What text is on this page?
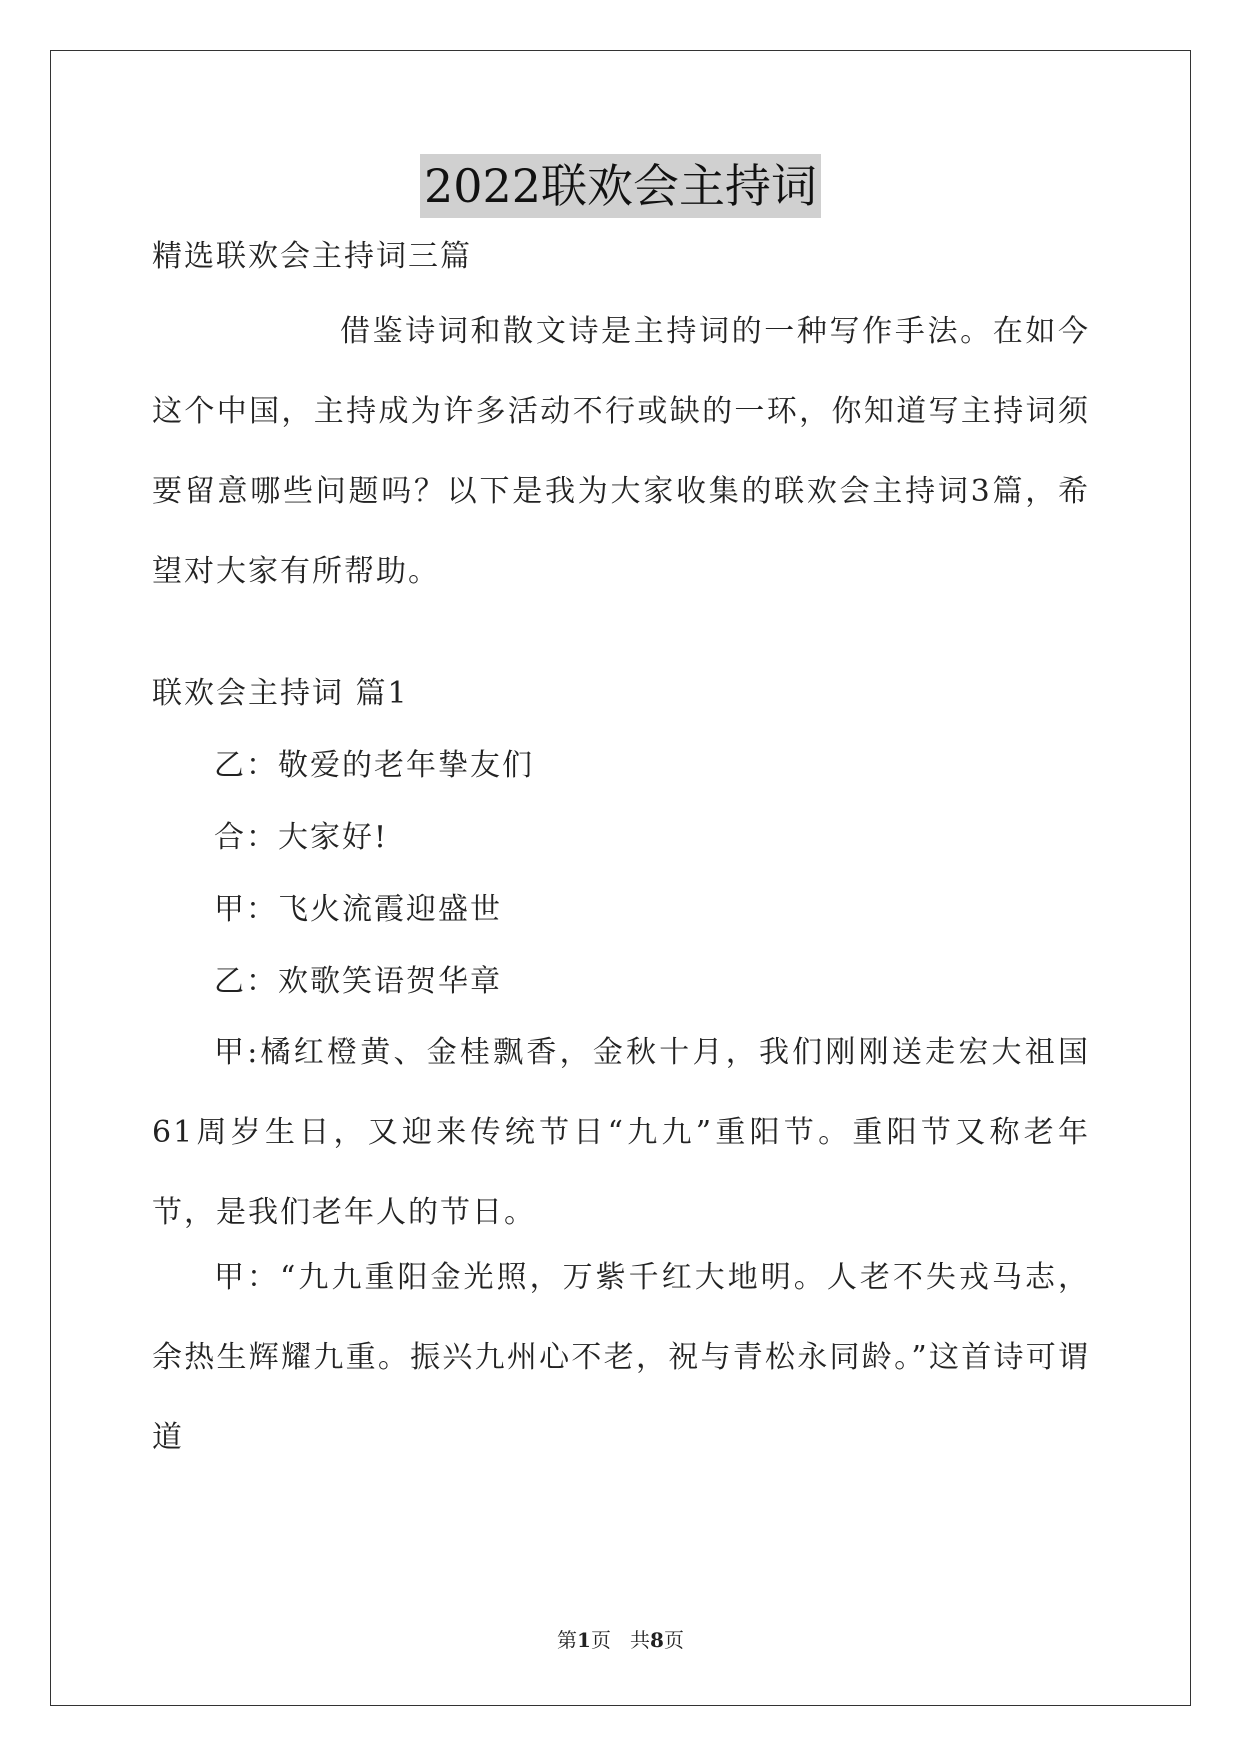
2022联欢会主持词
精选联欢会主持词三篇

借鉴诗词和散文诗是主持词的一种写作手法。在如今这个中国，主持成为许多活动不行或缺的一环，你知道写主持词须要留意哪些问题吗？以下是我为大家收集的联欢会主持词3篇，希望对大家有所帮助。

联欢会主持词 篇1
乙：敬爱的老年挚友们
合：大家好!
甲：飞火流霞迎盛世
乙：欢歌笑语贺华章

甲:橘红橙黄、金桂飘香，金秋十月，我们刚刚送走宏大祖国61周岁生日，又迎来传统节日“九九”重阳节。重阳节又称老年节，是我们老年人的节日。

甲：“九九重阳金光照，万紫千红大地明。人老不失戎马志，余热生辉耀九重。振兴九州心不老，祝与青松永同龄。”这首诗可谓道

第1页 共8页
